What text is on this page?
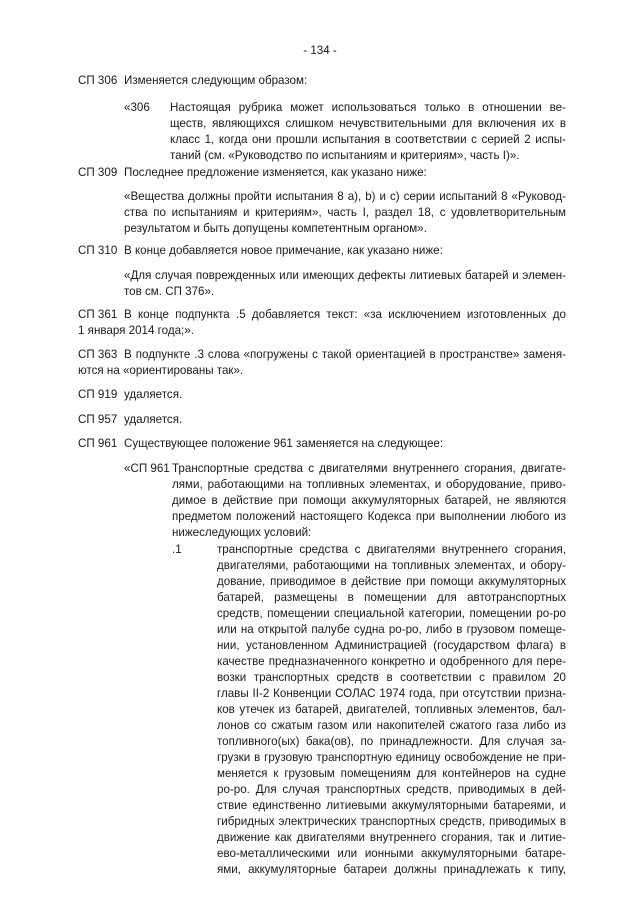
- 134 -
СП 306 Изменяется следующим образом:
«306 Настоящая рубрика может использоваться только в отношении ве-
ществ, являющихся слишком нечувствительными для включения их в
класс 1, когда они прошли испытания в соответствии с серией 2 испы-
таний (см. «Руководство по испытаниям и критериям», часть I)».
СП 309 Последнее предложение изменяется, как указано ниже:
«Вещества должны пройти испытания 8 а), b) и с) серии испытаний 8 «Руковод-
ства по испытаниям и критериям», часть I, раздел 18, с удовлетворительным
результатом и быть допущены компетентным органом».
СП 310 В конце добавляется новое примечание, как указано ниже:
«Для случая поврежденных или имеющих дефекты литиевых батарей и элемен-
тов см. СП 376».
СП 361 В конце подпункта .5 добавляется текст: «за исключением изготовленных до
1 января 2014 года;».
СП 363 В подпункте .3 слова «погружены с такой ориентацией в пространстве» заменя-
ются на «ориентированы так».
СП 919 удаляется.
СП 957 удаляется.
СП 961 Существующее положение 961 заменяется на следующее:
«СП 961 Транспортные средства с двигателями внутреннего сгорания, двигате-
лями, работающими на топливных элементах, и оборудование, приво-
димое в действие при помощи аккумуляторных батарей, не являются
предметом положений настоящего Кодекса при выполнении любого из
нижеследующих условий:
.1	транспортные средства с двигателями внутреннего сгорания,
двигателями, работающими на топливных элементах, и обору-
дование, приводимое в действие при помощи аккумуляторных
батарей, размещены в помещении для автотранспортных
средств, помещении специальной категории, помещении ро-ро
или на открытой палубе судна ро-ро, либо в грузовом помеще-
нии, установленном Администрацией (государством флага) в
качестве предназначенного конкретно и одобренного для пере-
возки транспортных средств в соответствии с правилом 20
главы II-2 Конвенции СОЛАС 1974 года, при отсутствии призна-
ков утечек из батарей, двигателей, топливных элементов, бал-
лонов со сжатым газом или накопителей сжатого газа либо из
топливного(ых) бака(ов), по принадлежности. Для случая за-
грузки в грузовую транспортную единицу освобождение не при-
меняется к грузовым помещениям для контейнеров на судне
ро-ро. Для случая транспортных средств, приводимых в дей-
ствие единственно литиевыми аккумуляторными батареями, и
гибридных электрических транспортных средств, приводимых в
движение как двигателями внутреннего сгорания, так и литие-
ево-металлическими или ионными аккумуляторными батаре-
ями, аккумуляторные батареи должны принадлежать к типу,
